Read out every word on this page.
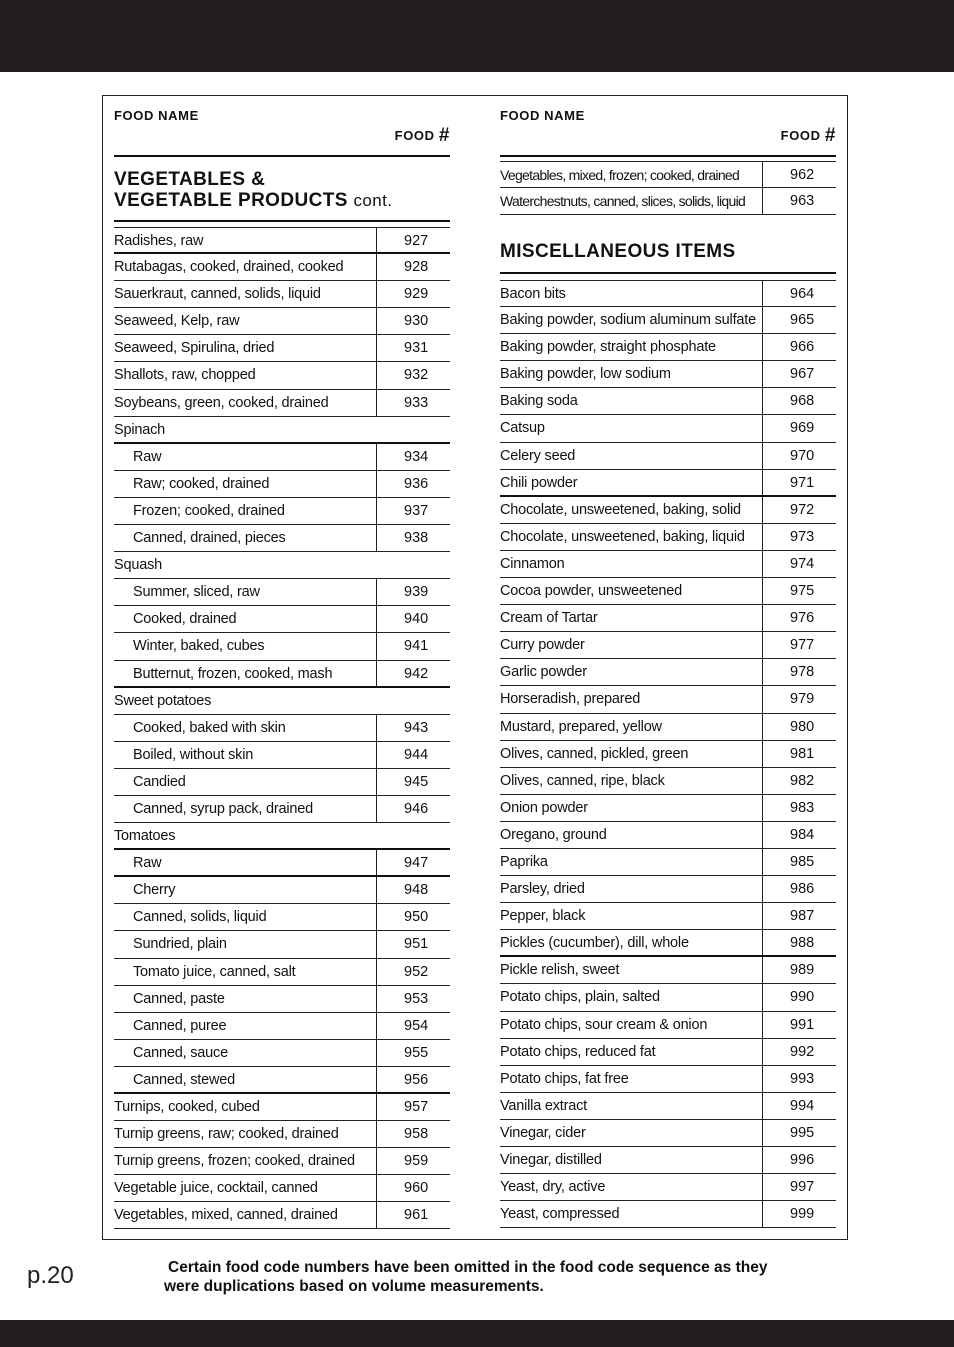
FOOD NAME
FOOD #
VEGETABLES &
VEGETABLE PRODUCTS cont.
Radishes, raw	927
Rutabagas, cooked, drained, cooked	928
Sauerkraut, canned, solids, liquid	929
Seaweed, Kelp, raw	930
Seaweed, Spirulina, dried	931
Shallots, raw, chopped	932
Soybeans, green, cooked, drained	933
Spinach
Raw	934
Raw; cooked, drained	936
Frozen; cooked, drained	937
Canned, drained, pieces	938
Squash
Summer, sliced, raw	939
Cooked, drained	940
Winter, baked, cubes	941
Butternut, frozen, cooked, mash	942
Sweet potatoes
Cooked, baked with skin	943
Boiled, without skin	944
Candied	945
Canned, syrup pack, drained	946
Tomatoes
Raw	947
Cherry	948
Canned, solids, liquid	950
Sundried, plain	951
Tomato juice, canned, salt	952
Canned, paste	953
Canned, puree	954
Canned, sauce	955
Canned, stewed	956
Turnips, cooked, cubed	957
Turnip greens, raw; cooked, drained	958
Turnip greens, frozen; cooked, drained	959
Vegetable juice, cocktail, canned	960
Vegetables, mixed, canned, drained	961
FOOD NAME
FOOD #
Vegetables, mixed, frozen; cooked, drained	962
Waterchestnuts, canned, slices, solids, liquid	963
MISCELLANEOUS ITEMS
Bacon bits	964
Baking powder, sodium aluminum sulfate 965
Baking powder, straight phosphate	966
Baking powder, low sodium	967
Baking soda	968
Catsup	969
Celery seed	970
Chili powder	971
Chocolate, unsweetened, baking, solid	972
Chocolate, unsweetened, baking, liquid	973
Cinnamon	974
Cocoa powder, unsweetened	975
Cream of Tartar	976
Curry powder	977
Garlic powder	978
Horseradish, prepared	979
Mustard, prepared, yellow	980
Olives, canned, pickled, green	981
Olives, canned, ripe, black	982
Onion powder	983
Oregano, ground	984
Paprika	985
Parsley, dried	986
Pepper, black	987
Pickles (cucumber), dill, whole	988
Pickle relish, sweet	989
Potato chips, plain, salted	990
Potato chips, sour cream & onion	991
Potato chips, reduced fat	992
Potato chips, fat free	993
Vanilla extract	994
Vinegar, cider	995
Vinegar, distilled	996
Yeast, dry, active	997
Yeast, compressed	999
p.20	Certain food code numbers have been omitted in the food code sequence as they
were duplications based on volume measurements.
